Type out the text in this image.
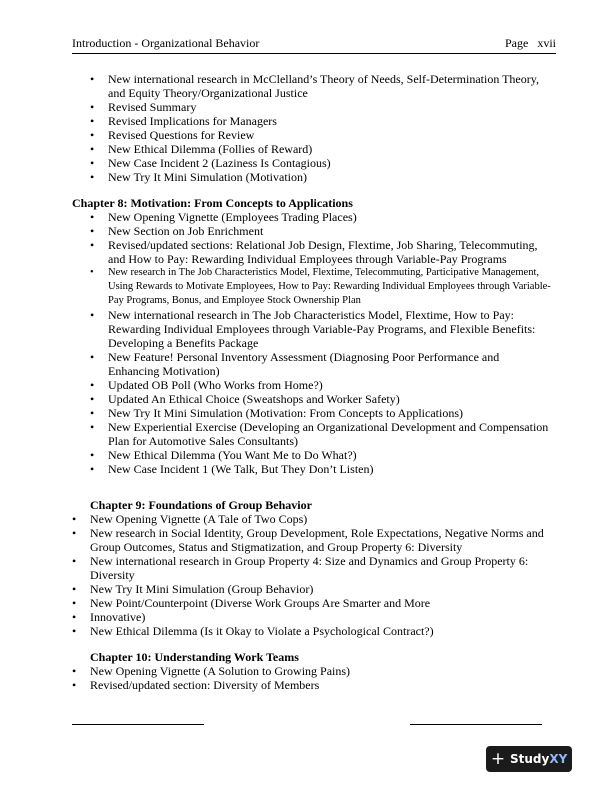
Introduction - Organizational Behavior	Page   xvii
• New international research in McClelland’s Theory of Needs, Self-Determination Theory, and Equity Theory/Organizational Justice
• Revised Summary
• Revised Implications for Managers
• Revised Questions for Review
• New Ethical Dilemma (Follies of Reward)
• New Case Incident 2 (Laziness Is Contagious)
• New Try It Mini Simulation (Motivation)
Chapter 8: Motivation: From Concepts to Applications
• New Opening Vignette (Employees Trading Places)
• New Section on Job Enrichment
• Revised/updated sections: Relational Job Design, Flextime, Job Sharing, Telecommuting, and How to Pay: Rewarding Individual Employees through Variable-Pay Programs
• New research in The Job Characteristics Model, Flextime, Telecommuting, Participative Management, Using Rewards to Motivate Employees, How to Pay: Rewarding Individual Employees through Variable-Pay Programs, Bonus, and Employee Stock Ownership Plan
• New international research in The Job Characteristics Model, Flextime, How to Pay: Rewarding Individual Employees through Variable-Pay Programs, and Flexible Benefits: Developing a Benefits Package
• New Feature! Personal Inventory Assessment (Diagnosing Poor Performance and Enhancing Motivation)
• Updated OB Poll (Who Works from Home?)
• Updated An Ethical Choice (Sweatshops and Worker Safety)
• New Try It Mini Simulation (Motivation: From Concepts to Applications)
• New Experiential Exercise (Developing an Organizational Development and Compensation Plan for Automotive Sales Consultants)
• New Ethical Dilemma (You Want Me to Do What?)
• New Case Incident 1 (We Talk, But They Don’t Listen)
Chapter 9: Foundations of Group Behavior
• New Opening Vignette (A Tale of Two Cops)
• New research in Social Identity, Group Development, Role Expectations, Negative Norms and Group Outcomes, Status and Stigmatization, and Group Property 6: Diversity
• New international research in Group Property 4: Size and Dynamics and Group Property 6: Diversity
• New Try It Mini Simulation (Group Behavior)
• New Point/Counterpoint (Diverse Work Groups Are Smarter and More
• Innovative)
• New Ethical Dilemma (Is it Okay to Violate a Psychological Contract?)
Chapter 10: Understanding Work Teams
• New Opening Vignette (A Solution to Growing Pains)
• Revised/updated section: Diversity of Members
+ Study XY
